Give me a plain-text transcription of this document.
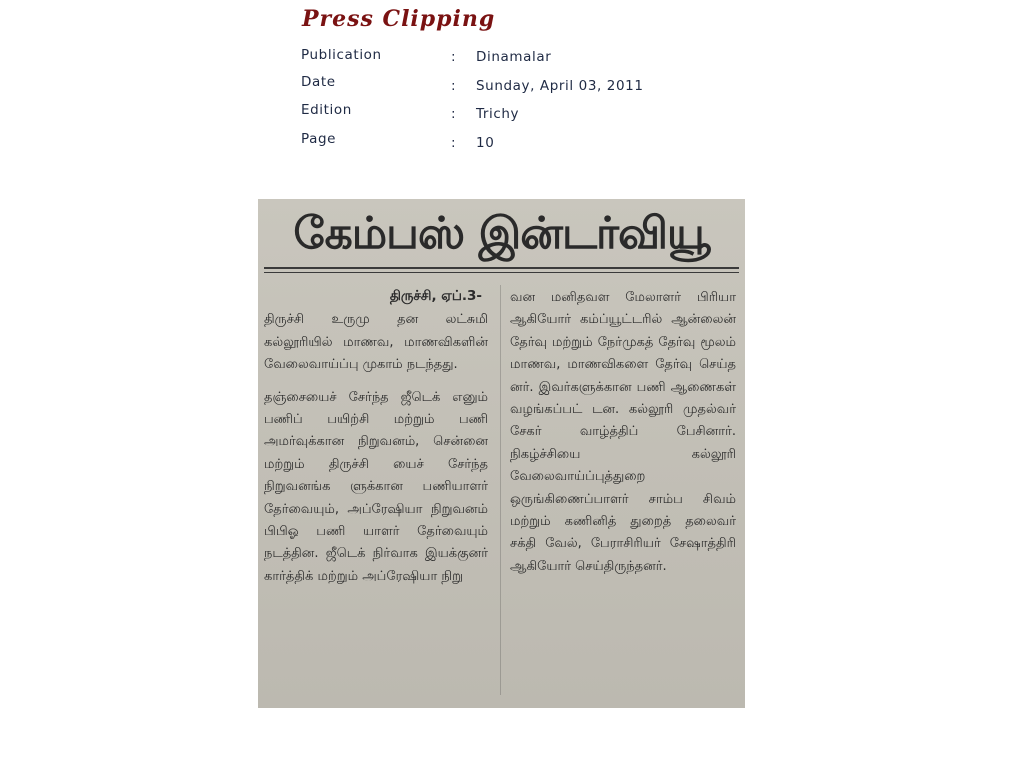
Press Clipping
Publication	: Dinamalar
Date	: Sunday, April 03, 2011
Edition	: Trichy
Page	: 10
கேம்பஸ் இன்டர்வியூ

திருச்சி, ஏப்.3-

திருச்சி உருமு தன லட்சுமி கல்லூரியில் மாணவ, மாணவிகளின் வேலைவாய்ப்பு முகாம் நடந்தது.

தஞ்சையைச் சேர்ந்த ஜீடெக் எனும் பணிப் பயிற்சி மற்றும் பணி அமர்வுக்கான நிறுவனம், சென்னை மற்றும் திருச்சி யைச் சேர்ந்த நிறுவனங்க ளுக்கான பணியாளர் தேர்வையும், அப்ரேஷியா நிறுவனம் பிபிஓ பணி யாளர் தேர்வையும் நடத்தின. ஜீடெக் நிர்வாக இயக்குனர் கார்த்திக் மற்றும் அப்ரேஷியா நிறு

வன மனிதவள மேலாளர் பிரியா ஆகியோர் கம்ப்யூட்டரில் ஆன்லைன் தேர்வு மற்றும் நேர்முகத் தேர்வு மூலம் மாணவ, மாணவிகளை தேர்வு செய்த னர். இவர்களுக்கான பணி ஆணைகள் வழங்கப்பட் டன. கல்லூரி முதல்வர் சேகர் வாழ்த்திப் பேசினார். நிகழ்ச்சியை கல்லூரி வேலைவாய்ப்புத்துறை ஒருங்கிணைப்பாளர் சாம்ப சிவம் மற்றும் கணினித் துறைத் தலைவர் சக்தி வேல், பேராசிரியர் சேஷாத்திரி ஆகியோர் செய்திருந்தனர்.
